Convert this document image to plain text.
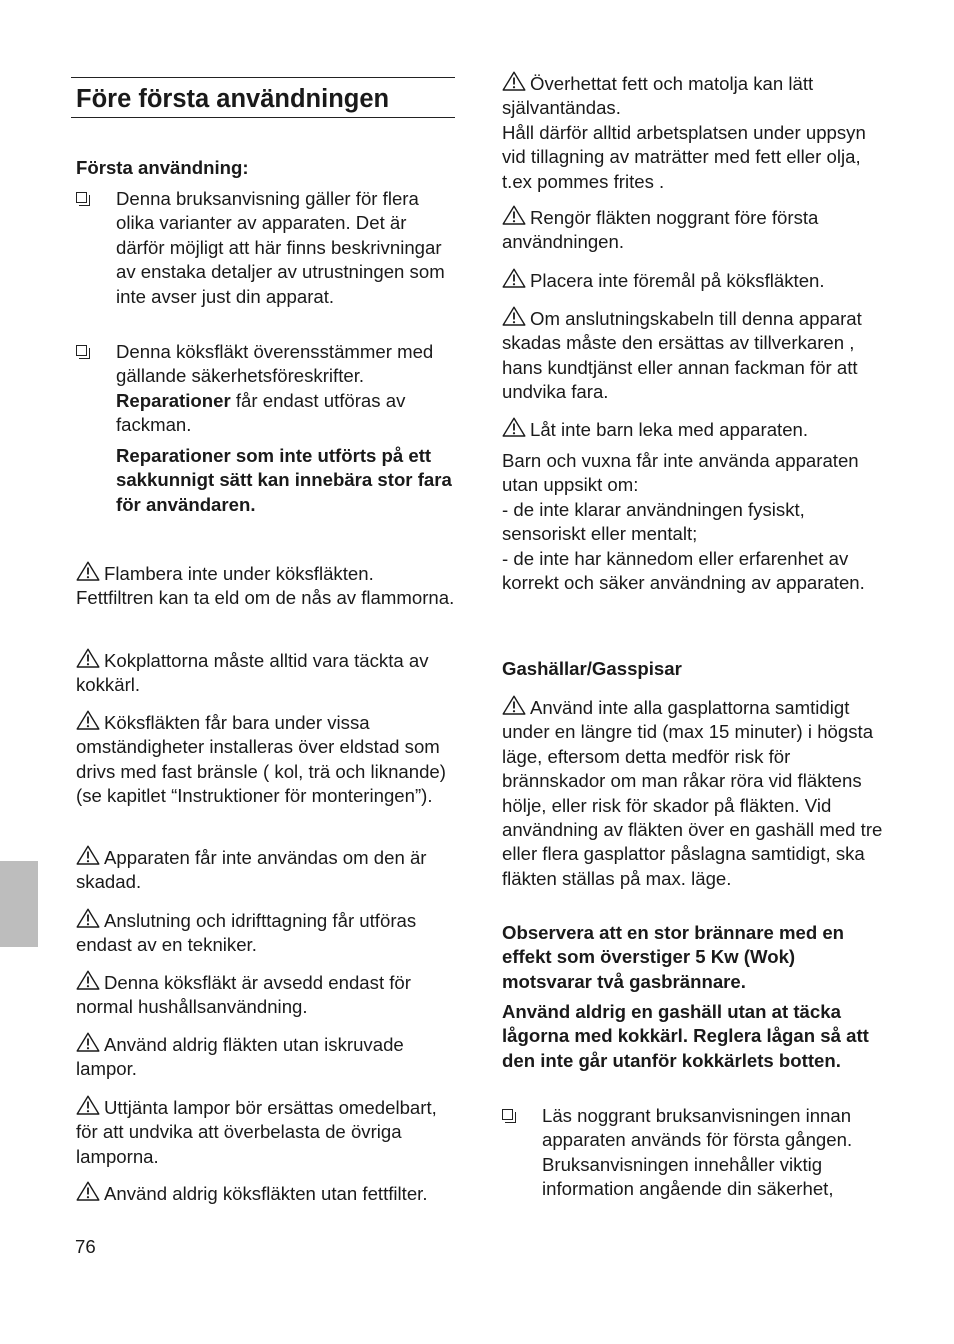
Före första användningen
Första användning:
Denna bruksanvisning gäller för flera olika varianter av apparaten. Det är därför möjligt att här finns beskrivningar av enstaka detaljer av utrustningen som inte avser just din apparat.
Denna köksfläkt överensstämmer med gällande säkerhetsföreskrifter. Reparationer får endast utföras av fackman.
Reparationer som inte utförts på ett sakkunnigt sätt kan innebära stor fara för användaren.
Flambera inte under köksfläkten. Fettfiltren kan ta eld om de nås av flammorna.
Kokplattorna måste alltid vara täckta av kokkärl.
Köksfläkten får bara under vissa omständigheter installeras över eldstad som drivs med fast bränsle ( kol, trä och liknande) (se kapitlet “Instruktioner för monteringen”).
Apparaten får inte användas om den är skadad.
Anslutning och idrifttagning får utföras endast av en tekniker.
Denna köksfläkt är avsedd endast för normal hushållsanvändning.
Använd aldrig fläkten utan iskruvade lampor.
Uttjänta lampor bör ersättas omedelbart, för att undvika att överbelasta de övriga lamporna.
Använd aldrig köksfläkten utan fettfilter.
76
Överhettat fett och matolja kan lätt självantändas.
Håll därför alltid arbetsplatsen under uppsyn vid tillagning av maträtter med fett eller olja, t.ex pommes frites .
Rengör fläkten noggrant före första användningen.
Placera inte föremål på köksfläkten.
Om anslutningskabeln till denna apparat skadas måste den ersättas av tillverkaren , hans kundtjänst eller annan fackman för att undvika fara.
Låt inte barn leka med apparaten.
Barn och vuxna får inte använda apparaten utan uppsikt om:
- de inte klarar användningen fysiskt, sensoriskt eller mentalt;
- de inte har kännedom eller erfarenhet av korrekt och säker användning av apparaten.
Gashällar/Gasspisar
Använd inte alla gasplattorna samtidigt under en längre tid (max 15 minuter) i högsta läge, eftersom detta medför risk för brännskador om man råkar röra vid fläktens hölje, eller risk för skador på fläkten. Vid användning av fläkten över en gashäll med tre eller flera gasplattor påslagna samtidigt, ska fläkten ställas på max. läge.
Observera att en stor brännare med en effekt som överstiger 5 Kw (Wok) motsvarar två gasbrännare.
Använd aldrig en gashäll utan at täcka lågorna med kokkärl. Reglera lågan så att den inte går utanför kokkärlets botten.
Läs noggrant bruksanvisningen innan apparaten används för första gången. Bruksanvisningen innehåller viktig information angående din säkerhet,
